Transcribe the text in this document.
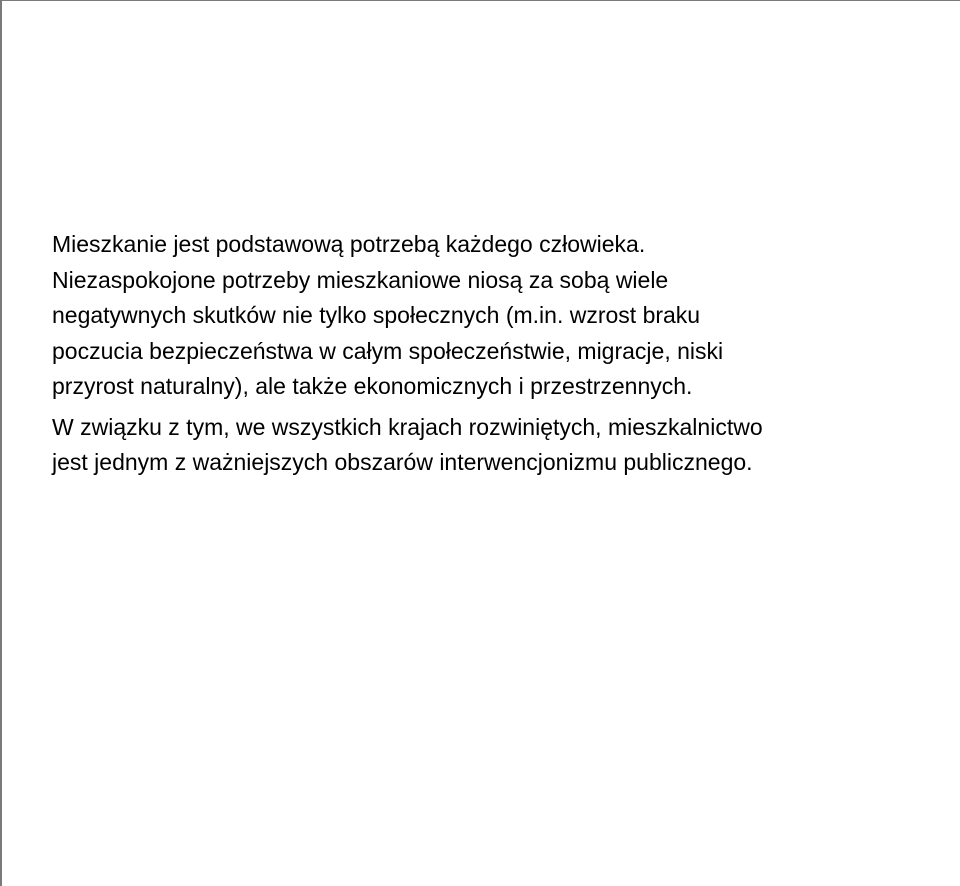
Mieszkanie jest podstawową potrzebą każdego człowieka.
Niezaspokojone potrzeby mieszkaniowe niosą za sobą wiele
negatywnych skutków nie tylko społecznych (m.in. wzrost braku
poczucia bezpieczeństwa w całym społeczeństwie, migracje, niski
przyrost naturalny), ale także ekonomicznych i przestrzennych.

W związku z tym, we wszystkich krajach rozwiniętych, mieszkalnictwo
jest jednym z ważniejszych obszarów interwencjonizmu publicznego.
